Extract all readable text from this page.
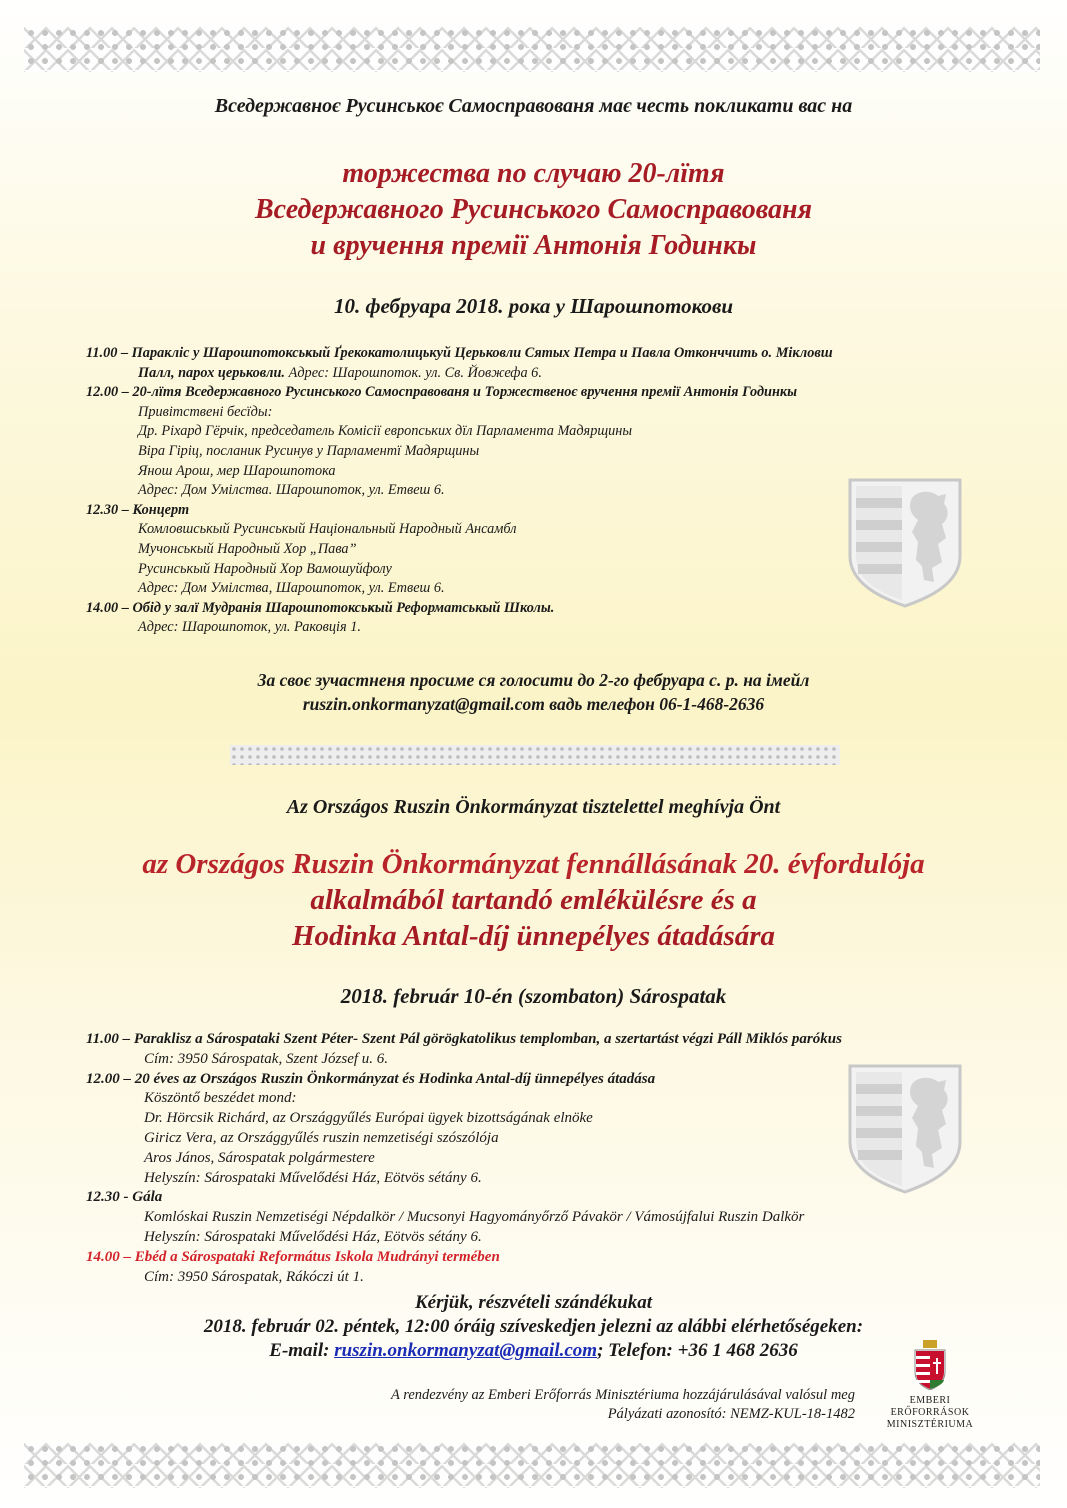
Вседержавноє Русинськоє Самосправованя має честь покликати вас на
торжества по случаю 20-лїтя
Вседержавного Русинського Самосправованя
и вручення премії Антонія Годинкы
10. фебруара 2018. рока у Шарошпотокови
11.00 – Паракліс у Шарошпотоксьҝый Ґрекокатолицькуй Церьковли Сятых Петра и Павла Отконччить о. Мікловш
Палл, парох церьковли. Адрес: Шарошпоток. ул. Св. Йовжефа 6.
12.00 – 20-лїтя Вседержавного Русинського Самосправованя и Торжественоє вручення премії Антонія Годинкы
Привітствені бесїды:
Др. Ріхард Гёрчік, председатель Комісії европських дїл Парламента Мадярщины
Віра Гіріц, посланик Русинув у Парламентї Мадярщины
Янош Арош, мер Шарошпотока
Адрес: Дом Умілства. Шарошпоток, ул. Етвеш 6.
12.30 – Концерт
Комловшськый Русинськый Національный Народный Ансамбл
Мучонськый Народный Хор „Пава”
Русинськый Народный Хор Вамошуйфолу
Адрес: Дом Умілства, Шарошпоток, ул. Етвеш 6.
14.00 – Обід у залї Мудранія Шарошпотоксьҝый Реформатськый Школы.
Адрес: Шарошпоток, ул. Раковція 1.
За своє зучастненя просиме ся голосити до 2-го фебруара с. р. на імейл
ruszin.onkormanyzat@gmail.com вадь телефон 06-1-468-2636
Az Országos Ruszin Önkormányzat tisztelettel meghívja Önt
az Országos Ruszin Önkormányzat fennállásának 20. évfordulója
alkalmából tartandó emlékülésre és a
Hodinka Antal-díj ünnepélyes átadására
2018. február 10-én (szombaton) Sárospatak
11.00 – Paraklisz a Sárospataki Szent Péter- Szent Pál görögkatolikus templomban, a szertartást végzi Páll Miklós parókus
Cím: 3950 Sárospatak, Szent József u. 6.
12.00 – 20 éves az Országos Ruszin Önkormányzat és Hodinka Antal-díj ünnepélyes átadása
Köszöntő beszédet mond:
Dr. Hörcsik Richárd, az Országgyűlés Európai ügyek bizottságának elnöke
Giricz Vera, az Országgyűlés ruszin nemzetiségi szószólója
Aros János, Sárospatak polgármestere
Helyszín: Sárospataki Művelődési Ház, Eötvös sétány 6.
12.30 - Gála
Komlóskai Ruszin Nemzetiségi Népdalkör / Mucsonyi Hagyományőrző Pávakör / Vámosújfalui Ruszin Dalkör
Helyszín: Sárospataki Művelődési Ház, Eötvös sétány 6.
14.00 – Ebéd a Sárospataki Református Iskola Mudrányi termében
Cím: 3950 Sárospatak, Rákóczi út 1.
Kérjük, részvételi szándékukat
2018. február 02. péntek, 12:00 óráig szíveskedjen jelezni az alábbi elérhetőségeken:
E-mail: ruszin.onkormanyzat@gmail.com; Telefon: +36 1 468 2636
A rendezvény az Emberi Erőforrás Minisztériuma hozzájárulásával valósul meg
Pályázati azonosító: NEMZ-KUL-18-1482
EMBERI ERŐFORRÁSOK
MINISZTÉRIUMA
